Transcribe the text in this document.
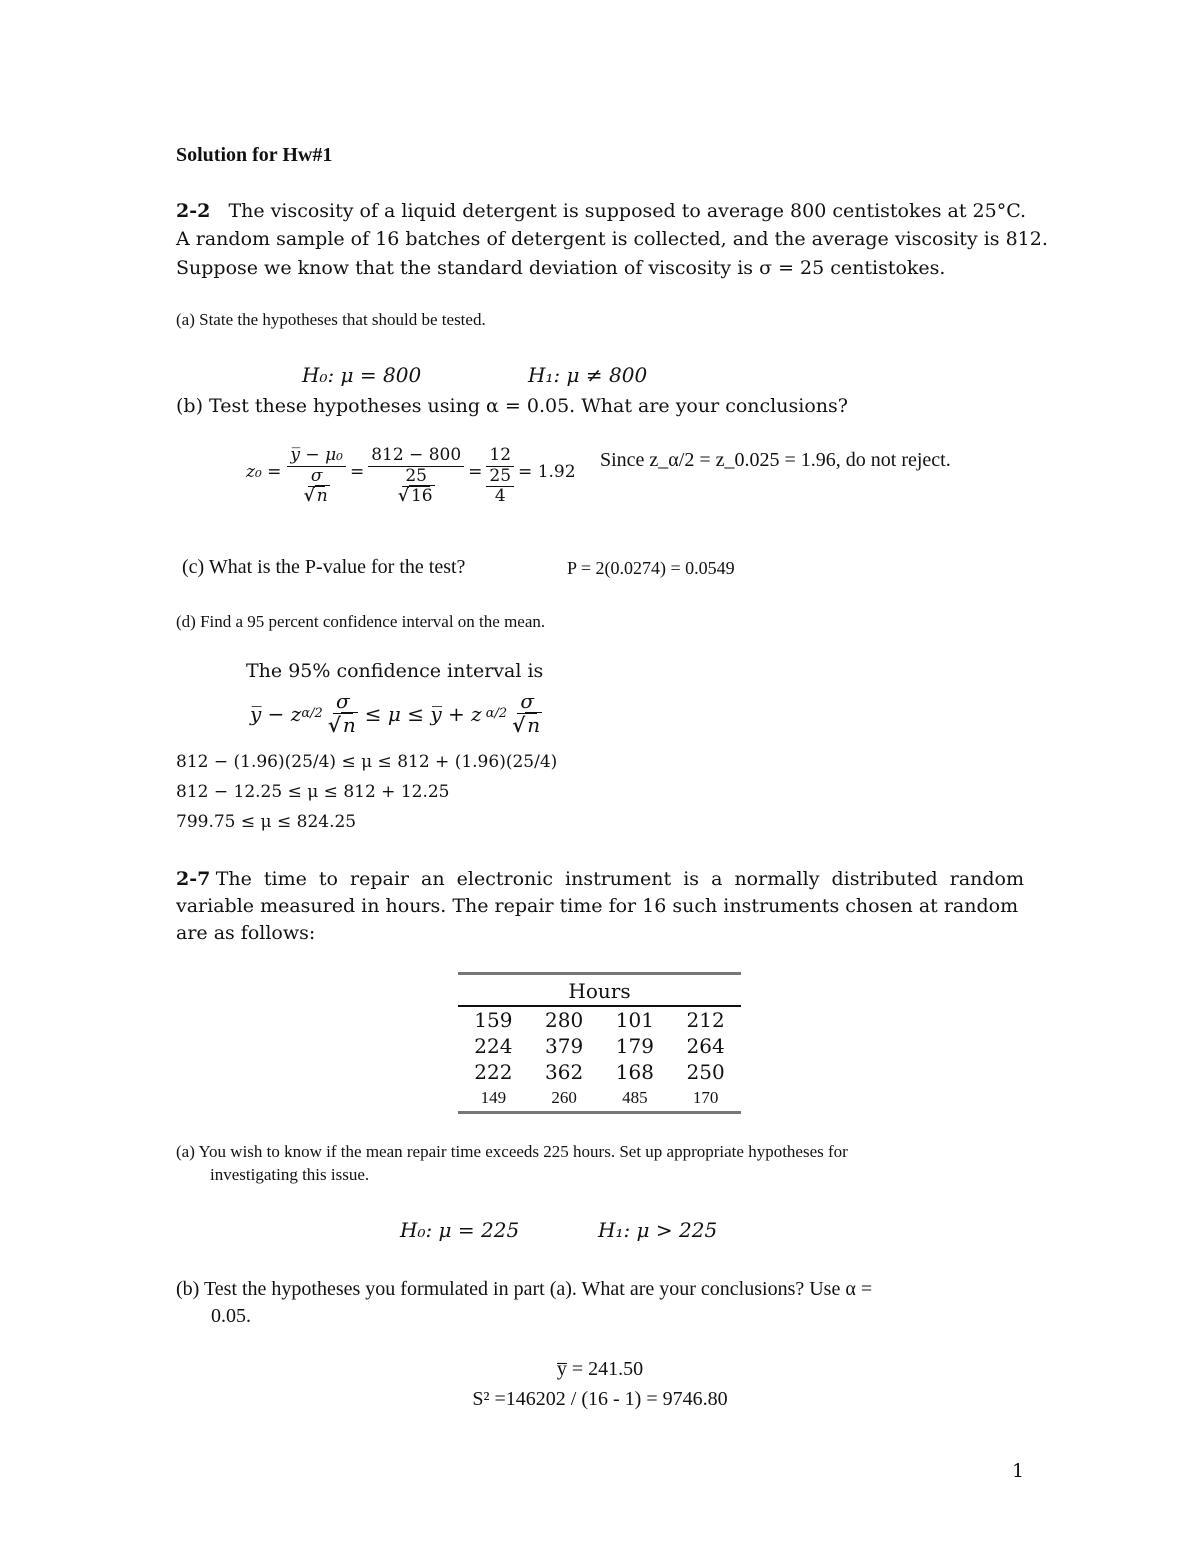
Solution for Hw#1
2-2 The viscosity of a liquid detergent is supposed to average 800 centistokes at 25°C.
A random sample of 16 batches of detergent is collected, and the average viscosity is 812.
Suppose we know that the standard deviation of viscosity is σ = 25 centistokes.
(a) State the hypotheses that should be tested.
H₀: μ = 800	H₁: μ ≠ 800
(b) Test these hypotheses using α = 0.05. What are your conclusions?
z₀ =
y̅ − μ₀
σ
√ n
=
812 − 800
25
√ 16
=
12
25
4
= 1.92
Since z_α/2 = z_0.025 = 1.96, do not reject.
(c) What is the P-value for the test?	P = 2(0.0274) = 0.0549
(d) Find a 95 percent confidence interval on the mean.
The 95% confidence interval is
y̅ − z $\alpha/2 \frac{\sigma}{√ n} \le \mu$ ≤ y̅ + z $\alpha/2 \frac{\sigma}{√ n}$
812 − (1.96)(25/4) ≤ μ ≤ 812 + (1.96)(25/4)
812 − 12.25 ≤ μ ≤ 812 + 12.25
799.75 ≤ μ ≤ 824.25
2-7 The time to repair an electronic instrument is a normally distributed random
variable measured in hours. The repair time for 16 such instruments chosen at random
are as follows:
Hours			
159	280	101	212
224	379	179	264
222	362	168	250
149	260	485	170
(a) You wish to know if the mean repair time exceeds 225 hours. Set up appropriate hypotheses for
investigating this issue.
H₀: μ = 225	H₁: μ > 225
(b) Test the hypotheses you formulated in part (a). What are your conclusions? Use α =
0.05.
y̅ = 241.50
S² =146202 / (16 - 1) = 9746.80
1
